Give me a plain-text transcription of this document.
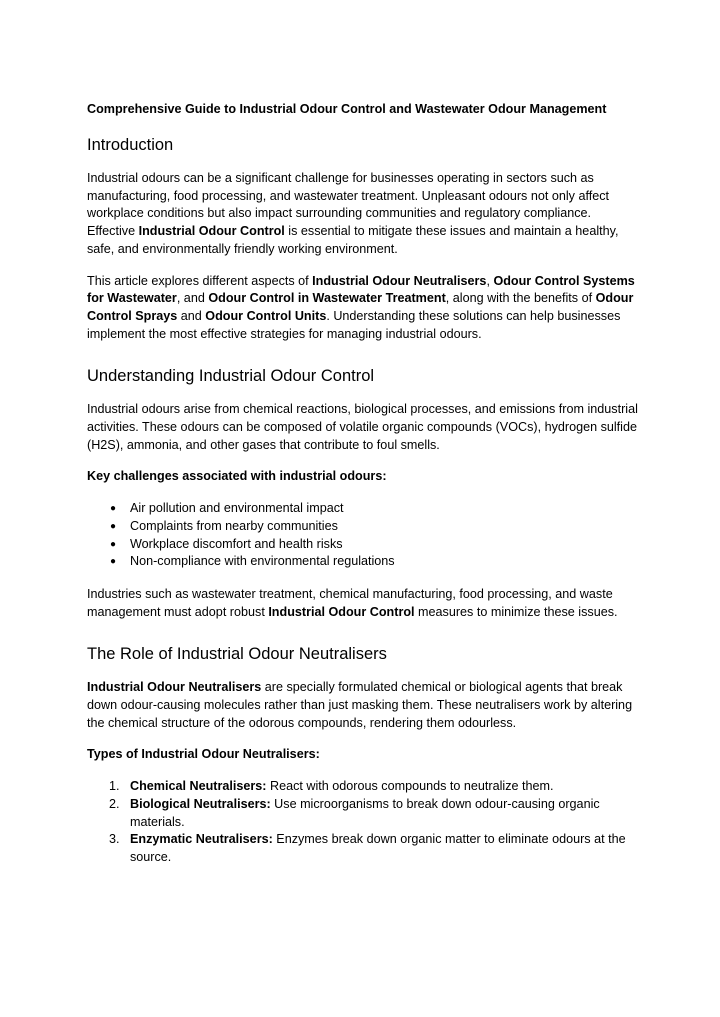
Comprehensive Guide to Industrial Odour Control and Wastewater Odour Management

Introduction

Industrial odours can be a significant challenge for businesses operating in sectors such as manufacturing, food processing, and wastewater treatment. Unpleasant odours not only affect workplace conditions but also impact surrounding communities and regulatory compliance. Effective Industrial Odour Control is essential to mitigate these issues and maintain a healthy, safe, and environmentally friendly working environment.

This article explores different aspects of Industrial Odour Neutralisers, Odour Control Systems for Wastewater, and Odour Control in Wastewater Treatment, along with the benefits of Odour Control Sprays and Odour Control Units. Understanding these solutions can help businesses implement the most effective strategies for managing industrial odours.

Understanding Industrial Odour Control

Industrial odours arise from chemical reactions, biological processes, and emissions from industrial activities. These odours can be composed of volatile organic compounds (VOCs), hydrogen sulfide (H2S), ammonia, and other gases that contribute to foul smells.

Key challenges associated with industrial odours:

● Air pollution and environmental impact
● Complaints from nearby communities
● Workplace discomfort and health risks
● Non-compliance with environmental regulations

Industries such as wastewater treatment, chemical manufacturing, food processing, and waste management must adopt robust Industrial Odour Control measures to minimize these issues.

The Role of Industrial Odour Neutralisers

Industrial Odour Neutralisers are specially formulated chemical or biological agents that break down odour-causing molecules rather than just masking them. These neutralisers work by altering the chemical structure of the odorous compounds, rendering them odourless.

Types of Industrial Odour Neutralisers:

1. Chemical Neutralisers: React with odorous compounds to neutralize them.
2. Biological Neutralisers: Use microorganisms to break down odour-causing organic materials.
3. Enzymatic Neutralisers: Enzymes break down organic matter to eliminate odours at the source.
